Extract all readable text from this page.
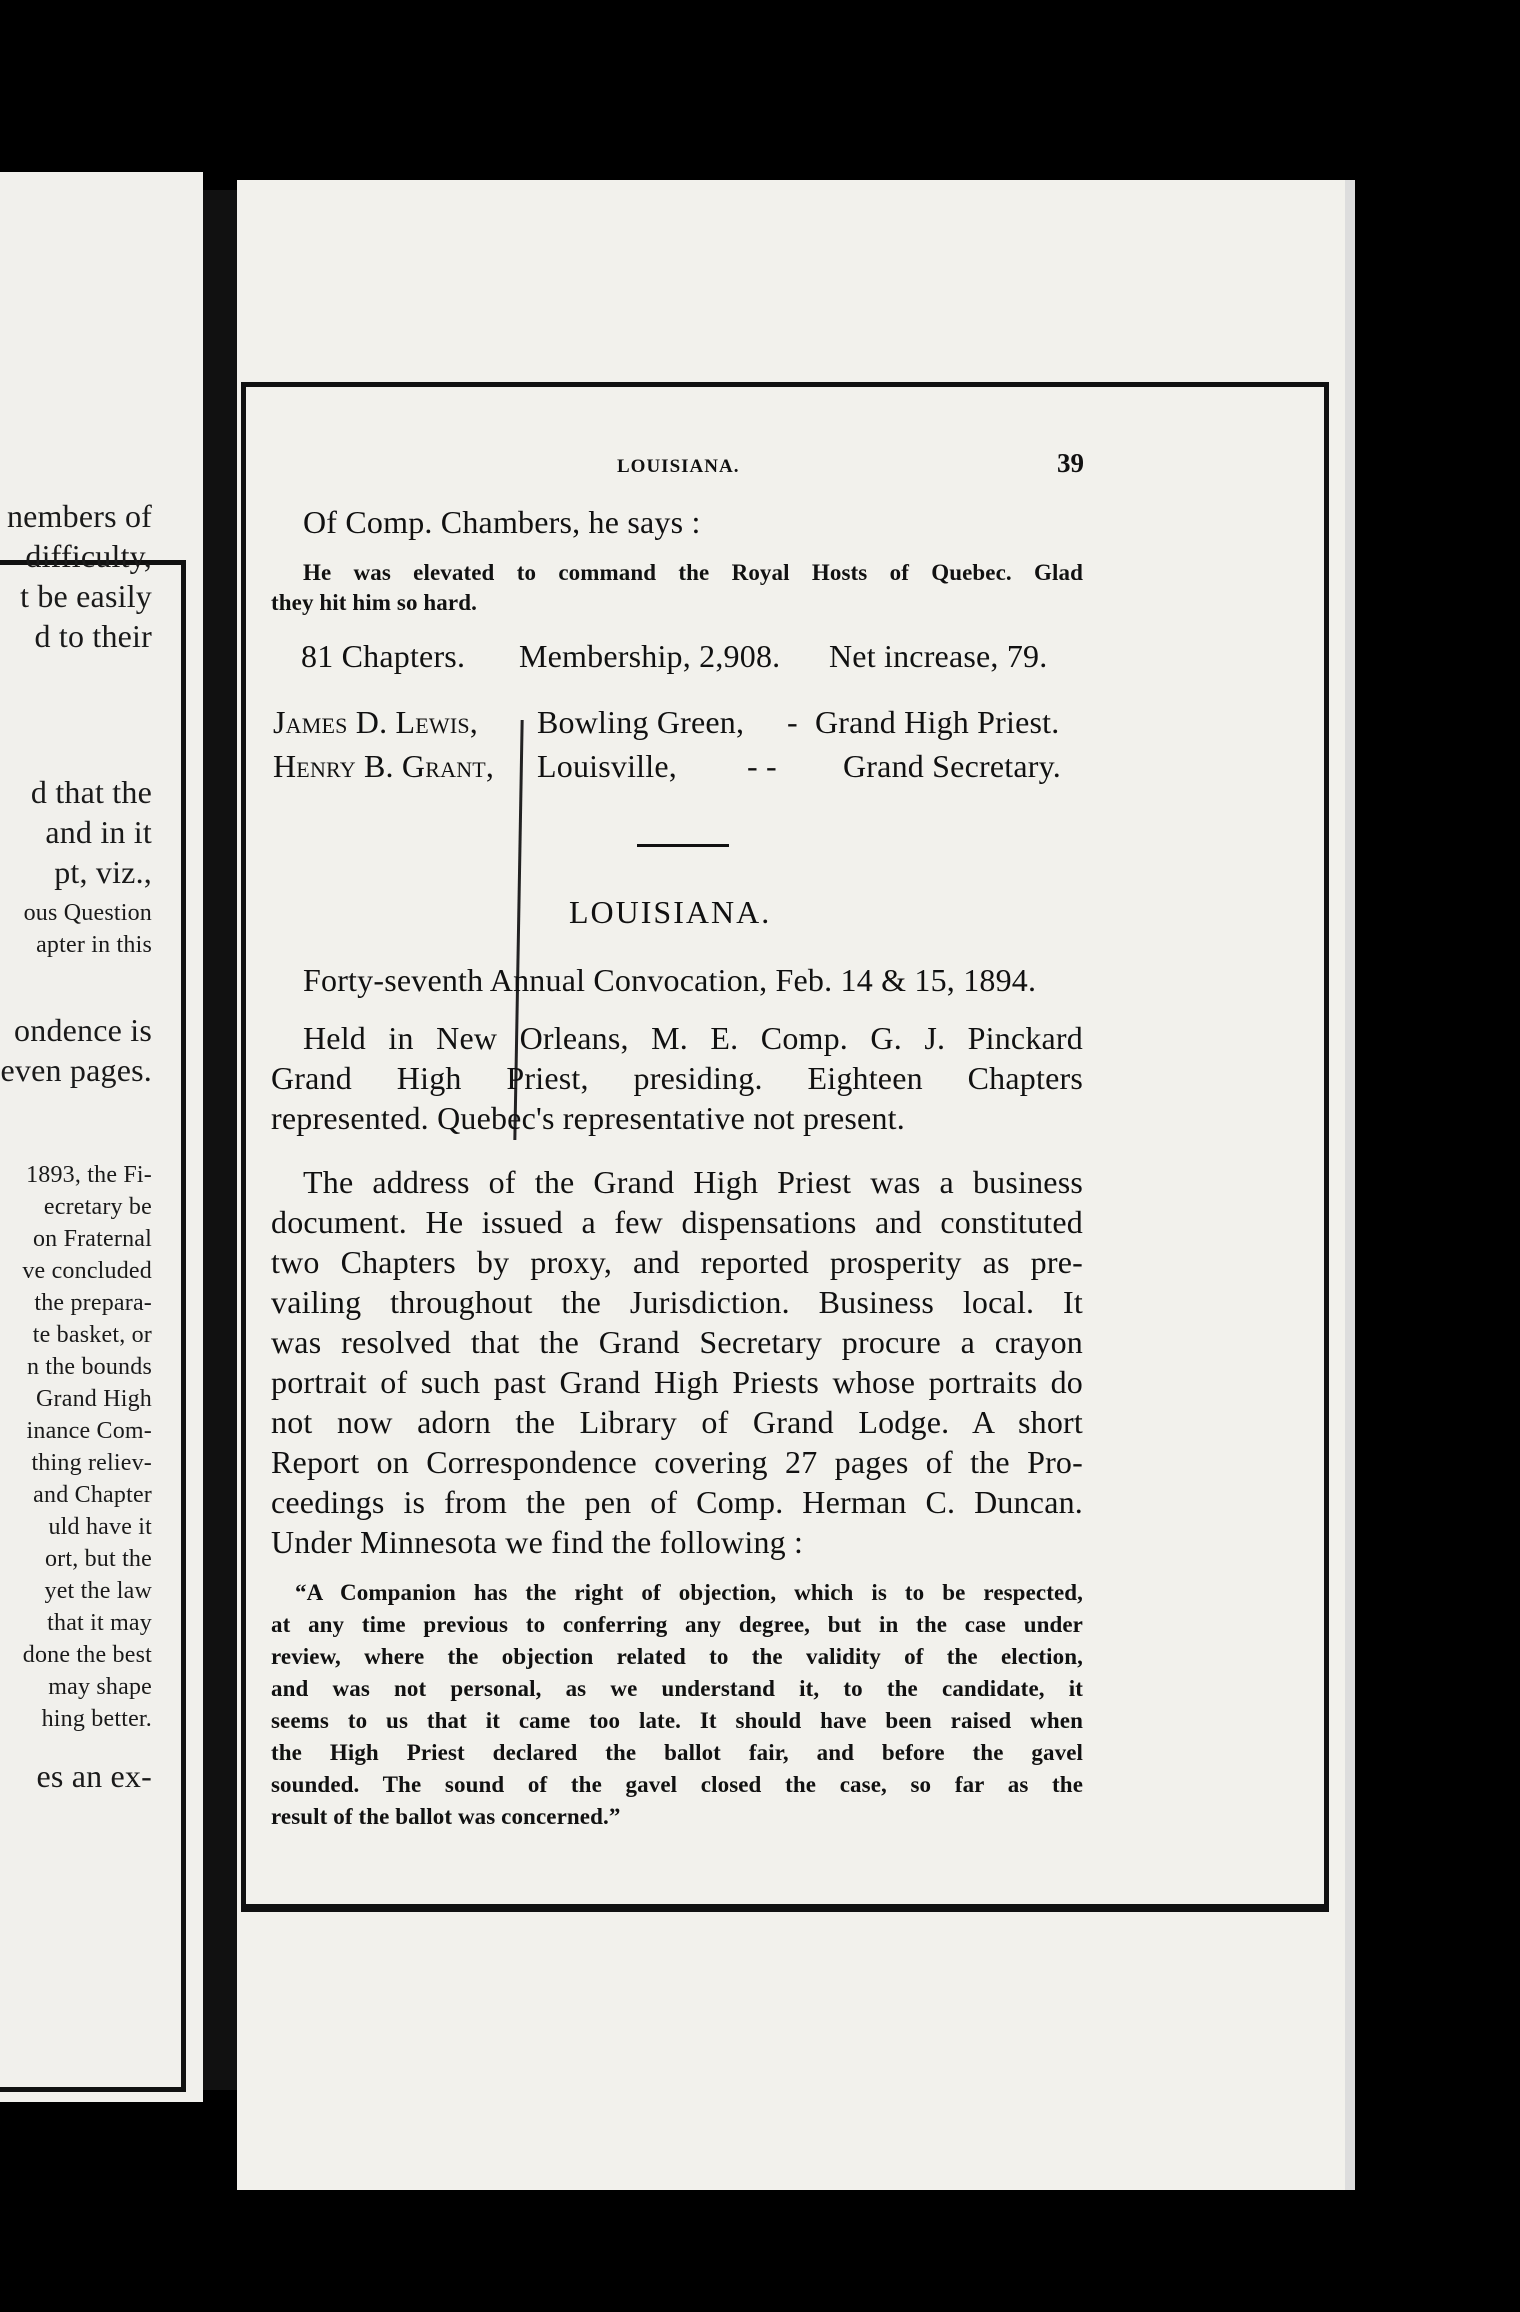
nembers of
difficulty,
t be easily
d to their
d that the
and in it
pt, viz.,
ous Question
apter in this
ondence is
even pages.
1893, the Fi-
ecretary be
on Fraternal
ve concluded
the prepara-
te basket, or
n the bounds
Grand High
inance Com-
thing reliev-
and Chapter
uld have it
ort, but the
yet the law
that it may
done the best
may shape
hing better.
es an ex-
LOUISIANA.	39
Of Comp. Chambers, he says :
He was elevated to command the Royal Hosts of Quebec. Glad
they hit him so hard.
81 Chapters. Membership, 2,908. Net increase, 79.
James D. Lewis, Bowling Green, - Grand High Priest.
Henry B. Grant, Louisville, - - Grand Secretary.
LOUISIANA.
Forty-seventh Annual Convocation, Feb. 14 & 15, 1894.
Held in New Orleans, M. E. Comp. G. J. Pinckard
Grand High Priest, presiding. Eighteen Chapters
represented. Quebec's representative not present.
The address of the Grand High Priest was a business
document. He issued a few dispensations and constituted
two Chapters by proxy, and reported prosperity as pre-
vailing throughout the Jurisdiction. Business local. It
was resolved that the Grand Secretary procure a crayon
portrait of such past Grand High Priests whose portraits do
not now adorn the Library of Grand Lodge. A short
Report on Correspondence covering 27 pages of the Pro-
ceedings is from the pen of Comp. Herman C. Duncan.
Under Minnesota we find the following :
“A Companion has the right of objection, which is to be respected,
at any time previous to conferring any degree, but in the case under
review, where the objection related to the validity of the election,
and was not personal, as we understand it, to the candidate, it
seems to us that it came too late. It should have been raised when
the High Priest declared the ballot fair, and before the gavel
sounded. The sound of the gavel closed the case, so far as the
result of the ballot was concerned.”
